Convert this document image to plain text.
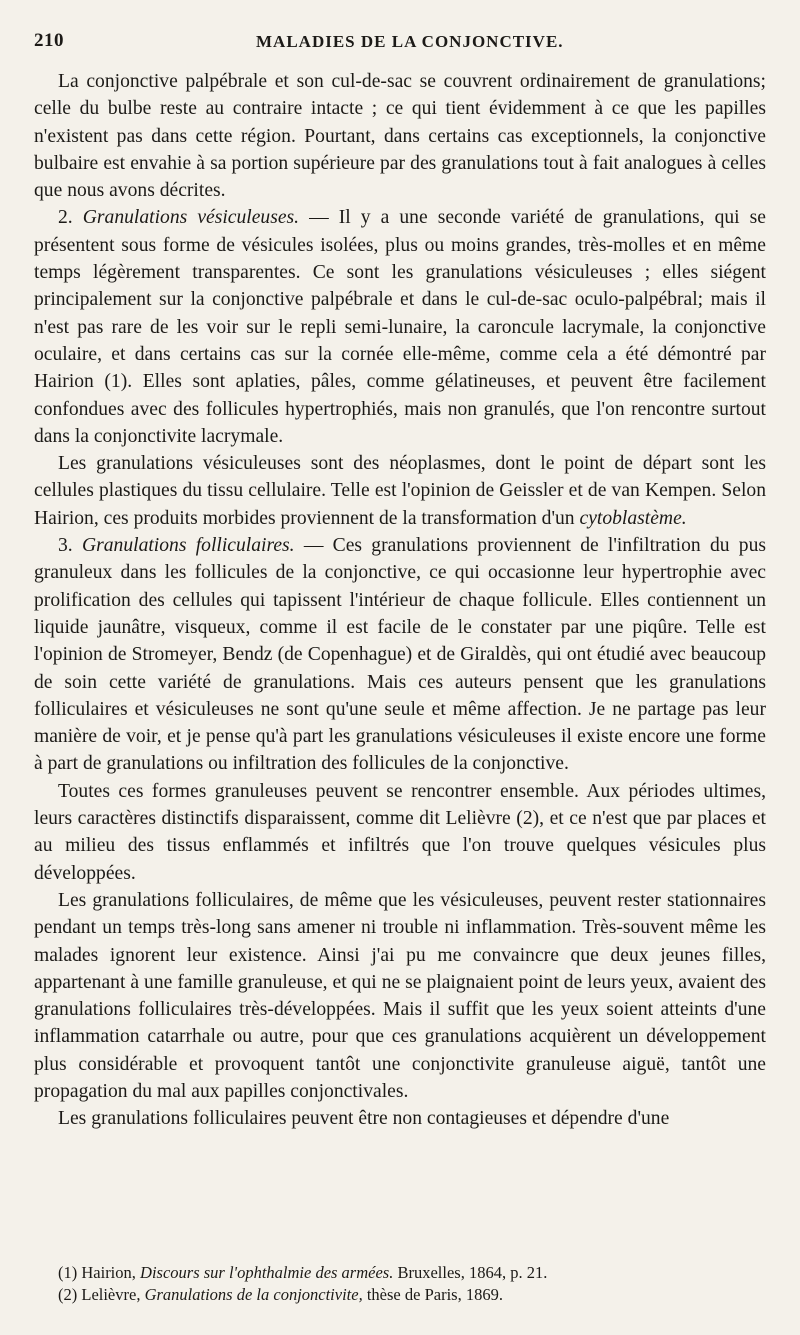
210	MALADIES DE LA CONJONCTIVE.

La conjonctive palpébrale et son cul-de-sac se couvrent ordinairement de granulations; celle du bulbe reste au contraire intacte ; ce qui tient évidemment à ce que les papilles n'existent pas dans cette région. Pourtant, dans certains cas exceptionnels, la conjonctive bulbaire est envahie à sa portion supérieure par des granulations tout à fait analogues à celles que nous avons décrites.

2. Granulations vésiculeuses. — Il y a une seconde variété de granulations, qui se présentent sous forme de vésicules isolées, plus ou moins grandes, très-molles et en même temps légèrement transparentes. Ce sont les granulations vésiculeuses ; elles siégent principalement sur la conjonctive palpébrale et dans le cul-de-sac oculo-palpébral; mais il n'est pas rare de les voir sur le repli semi-lunaire, la caroncule lacrymale, la conjonctive oculaire, et dans certains cas sur la cornée elle-même, comme cela a été démontré par Hairion (1). Elles sont aplaties, pâles, comme gélatineuses, et peuvent être facilement confondues avec des follicules hypertrophiés, mais non granulés, que l'on rencontre surtout dans la conjonctivite lacrymale.

Les granulations vésiculeuses sont des néoplasmes, dont le point de départ sont les cellules plastiques du tissu cellulaire. Telle est l'opinion de Geissler et de van Kempen. Selon Hairion, ces produits morbides proviennent de la transformation d'un cytoblastème.

3. Granulations folliculaires. — Ces granulations proviennent de l'infiltration du pus granuleux dans les follicules de la conjonctive, ce qui occasionne leur hypertrophie avec prolification des cellules qui tapissent l'intérieur de chaque follicule. Elles contiennent un liquide jaunâtre, visqueux, comme il est facile de le constater par une piqûre. Telle est l'opinion de Stromeyer, Bendz (de Copenhague) et de Giraldès, qui ont étudié avec beaucoup de soin cette variété de granulations. Mais ces auteurs pensent que les granulations folliculaires et vésiculeuses ne sont qu'une seule et même affection. Je ne partage pas leur manière de voir, et je pense qu'à part les granulations vésiculeuses il existe encore une forme à part de granulations ou infiltration des follicules de la conjonctive.

Toutes ces formes granuleuses peuvent se rencontrer ensemble. Aux périodes ultimes, leurs caractères distinctifs disparaissent, comme dit Lelièvre (2), et ce n'est que par places et au milieu des tissus enflammés et infiltrés que l'on trouve quelques vésicules plus développées.

Les granulations folliculaires, de même que les vésiculeuses, peuvent rester stationnaires pendant un temps très-long sans amener ni trouble ni inflammation. Très-souvent même les malades ignorent leur existence. Ainsi j'ai pu me convaincre que deux jeunes filles, appartenant à une famille granuleuse, et qui ne se plaignaient point de leurs yeux, avaient des granulations folliculaires très-développées. Mais il suffit que les yeux soient atteints d'une inflammation catarrhale ou autre, pour que ces granulations acquièrent un développement plus considérable et provoquent tantôt une conjonctivite granuleuse aiguë, tantôt une propagation du mal aux papilles conjonctivales.

Les granulations folliculaires peuvent être non contagieuses et dépendre d'une

(1) Hairion, Discours sur l'ophthalmie des armées. Bruxelles, 1864, p. 21.
(2) Lelièvre, Granulations de la conjonctivite, thèse de Paris, 1869.
